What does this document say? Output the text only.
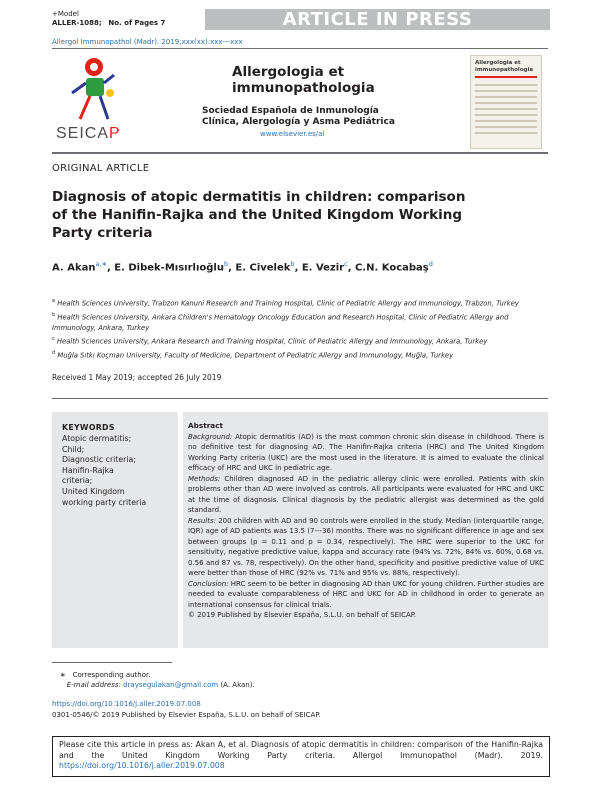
+Model
ALLER-1088; No. of Pages 7	ARTICLE IN PRESS
Allergol Immunopathol (Madr). 2019;xxx(xx):xxx---xxx
SEICAP
Allergologia et immunopathologia
Sociedad Española de Inmunología Clínica, Alergología y Asma Pediátrica
www.elsevier.es/ai
Allergologia et immunopathologia
ORIGINAL ARTICLE
Diagnosis of atopic dermatitis in children: comparison of the Hanifin-Rajka and the United Kingdom Working Party criteria
A. Akan$^{a,∗}$, E. Dibek-Mısırlıoğlu$^b$, E. Civelek$^b$, E. Vezir$^c$, C.N. Kocabaş$^d$
$^a$ Health Sciences University, Trabzon Kanuni Research and Training Hospital, Clinic of Pediatric Allergy and Immunology, Trabzon, Turkey
$^b$ Health Sciences University, Ankara Children's Hematology Oncology Education and Research Hospital, Clinic of Pediatric Allergy and Immunology, Ankara, Turkey
$^c$ Health Sciences University, Ankara Research and Training Hospital, Clinic of Pediatric Allergy and Immunology, Ankara, Turkey
$^d$ Muğla Sıtkı Koçman University, Faculty of Medicine, Department of Pediatric Allergy and Immunology, Muğla, Turkey
Received 1 May 2019; accepted 26 July 2019
KEYWORDS
Atopic dermatitis;
Child;
Diagnostic criteria;
Hanifin-Rajka
criteria;
United Kingdom
working party criteria

Abstract

Background: Atopic dermatitis (AD) is the most common chronic skin disease in childhood. There is no definitive test for diagnosing AD. The Hanifin-Rajka criteria (HRC) and The United Kingdom Working Party criteria (UKC) are the most used in the literature. It is aimed to evaluate the clinical efficacy of HRC and UKC in pediatric age.

Methods: Children diagnosed AD in the pediatric allergy clinic were enrolled. Patients with skin problems other than AD were involved as controls. All participants were evaluated for HRC and UKC at the time of diagnosis. Clinical diagnosis by the pediatric allergist was determined as the gold standard.

Results: 200 children with AD and 90 controls were enrolled in the study. Median (interquartile range, IQR) age of AD patients was 13.5 (7---36) months. There was no significant difference in age and sex between groups (p = 0.11 and p = 0.34, respectively). The HRC were superior to the UKC for sensitivity, negative predictive value, kappa and accuracy rate (94% vs. 72%, 84% vs. 60%, 0.68 vs. 0.56 and 87 vs. 78, respectively). On the other hand, specificity and positive predictive value of UKC were better than those of HRC (92% vs. 71% and 95% vs. 88%, respectively).

Conclusion: HRC seem to be better in diagnosing AD than UKC for young children. Further studies are needed to evaluate comparableness of HRC and UKC for AD in childhood in order to generate an international consensus for clinical trials.

© 2019 Published by Elsevier España, S.L.U. on behalf of SEICAP.

∗ Corresponding author.
E-mail address: draysegulakan@gmail.com (A. Akan).
https://doi.org/10.1016/j.aller.2019.07.008
0301-0546/© 2019 Published by Elsevier España, S.L.U. on behalf of SEICAP.
Please cite this article in press as: Akan A, et al. Diagnosis of atopic dermatitis in children: comparison of the Hanifin-Rajka and the United Kingdom Working Party criteria. Allergol Immunopathol (Madr). 2019. https://doi.org/10.1016/j.aller.2019.07.008
